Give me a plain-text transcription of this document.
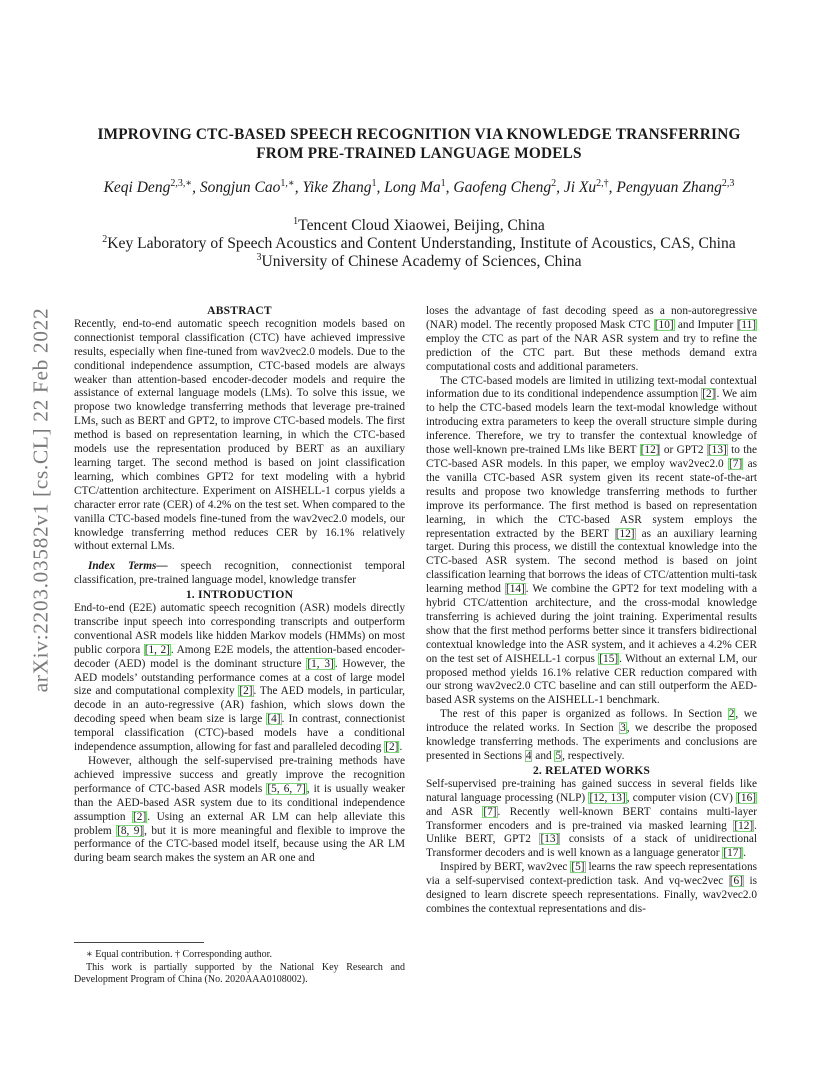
arXiv:2203.03582v1 [cs.CL] 22 Feb 2022
IMPROVING CTC-BASED SPEECH RECOGNITION VIA KNOWLEDGE TRANSFERRING
FROM PRE-TRAINED LANGUAGE MODELS
Keqi Deng$^{2,3,∗}$, Songjun Cao$^{1,∗}$, Yike Zhang$^1$, Long Ma$^1$, Gaofeng Cheng$^2$, Ji $Xu^{2,\dagger}$, Pengyuan Zhang$^{2,3}$
$^1$Tencent Cloud Xiaowei, Beijing, China
$^2$Key Laboratory of Speech Acoustics and Content Understanding, Institute of Acoustics, CAS, China
$^3$University of Chinese Academy of Sciences, China

ABSTRACT

Recently, end-to-end automatic speech recognition models based on connectionist temporal classification (CTC) have achieved impressive results, especially when fine-tuned from wav2vec2.0 models. Due to the conditional independence assumption, CTC-based models are always weaker than attention-based encoder-decoder models and require the assistance of external language models (LMs). To solve this issue, we propose two knowledge transferring methods that leverage pre-trained LMs, such as BERT and GPT2, to improve CTC-based models. The first method is based on representation learning, in which the CTC-based models use the representation produced by BERT as an auxiliary learning target. The second method is based on joint classification learning, which combines GPT2 for text modeling with a hybrid CTC/attention architecture. Experiment on AISHELL-1 corpus yields a character error rate (CER) of 4.2% on the test set. When compared to the vanilla CTC-based models fine-tuned from the wav2vec2.0 models, our knowledge transferring method reduces CER by 16.1% relatively without external LMs.

Index Terms— speech recognition, connectionist temporal classification, pre-trained language model, knowledge transfer

1. INTRODUCTION

End-to-end (E2E) automatic speech recognition (ASR) models directly transcribe input speech into corresponding transcripts and outperform conventional ASR models like hidden Markov models (HMMs) on most public corpora [1, 2]. Among E2E models, the attention-based encoder-decoder (AED) model is the dominant structure [1, 3]. However, the AED models’ outstanding performance comes at a cost of large model size and computational complexity [2]. The AED models, in particular, decode in an auto-regressive (AR) fashion, which slows down the decoding speed when beam size is large [4]. In contrast, connectionist temporal classification (CTC)-based models have a conditional independence assumption, allowing for fast and paralleled decoding [2].

However, although the self-supervised pre-training methods have achieved impressive success and greatly improve the recognition performance of CTC-based ASR models [5, 6, 7], it is usually weaker than the AED-based ASR system due to its conditional independence assumption [2]. Using an external AR LM can help alleviate this problem [8, 9], but it is more meaningful and flexible to improve the performance of the CTC-based model itself, because using the AR LM during beam search makes the system an AR one and

∗ Equal contribution. † Corresponding author.

This work is partially supported by the National Key Research and Development Program of China (No. 2020AAA0108002).

loses the advantage of fast decoding speed as a non-autoregressive (NAR) model. The recently proposed Mask CTC [10] and Imputer [11] employ the CTC as part of the NAR ASR system and try to refine the prediction of the CTC part. But these methods demand extra computational costs and additional parameters.

The CTC-based models are limited in utilizing text-modal contextual information due to its conditional independence assumption [2]. We aim to help the CTC-based models learn the text-modal knowledge without introducing extra parameters to keep the overall structure simple during inference. Therefore, we try to transfer the contextual knowledge of those well-known pre-trained LMs like BERT [12] or GPT2 [13] to the CTC-based ASR models. In this paper, we employ wav2vec2.0 [7] as the vanilla CTC-based ASR system given its recent state-of-the-art results and propose two knowledge transferring methods to further improve its performance. The first method is based on representation learning, in which the CTC-based ASR system employs the representation extracted by the BERT [12] as an auxiliary learning target. During this process, we distill the contextual knowledge into the CTC-based ASR system. The second method is based on joint classification learning that borrows the ideas of CTC/attention multi-task learning method [14]. We combine the GPT2 for text modeling with a hybrid CTC/attention architecture, and the cross-modal knowledge transferring is achieved during the joint training. Experimental results show that the first method performs better since it transfers bidirectional contextual knowledge into the ASR system, and it achieves a 4.2% CER on the test set of AISHELL-1 corpus [15]. Without an external LM, our proposed method yields 16.1% relative CER reduction compared with our strong wav2vec2.0 CTC baseline and can still outperform the AED-based ASR systems on the AISHELL-1 benchmark.

The rest of this paper is organized as follows. In Section 2, we introduce the related works. In Section 3, we describe the proposed knowledge transferring methods. The experiments and conclusions are presented in Sections 4 and 5, respectively.

2. RELATED WORKS

Self-supervised pre-training has gained success in several fields like natural language processing (NLP) [12, 13], computer vision (CV) [16] and ASR [7]. Recently well-known BERT contains multi-layer Transformer encoders and is pre-trained via masked learning [12]. Unlike BERT, GPT2 [13] consists of a stack of unidirectional Transformer decoders and is well known as a language generator [17].

Inspired by BERT, wav2vec [5] learns the raw speech representations via a self-supervised context-prediction task. And vq-wec2vec [6] is designed to learn discrete speech representations. Finally, wav2vec2.0 combines the contextual representations and dis-
